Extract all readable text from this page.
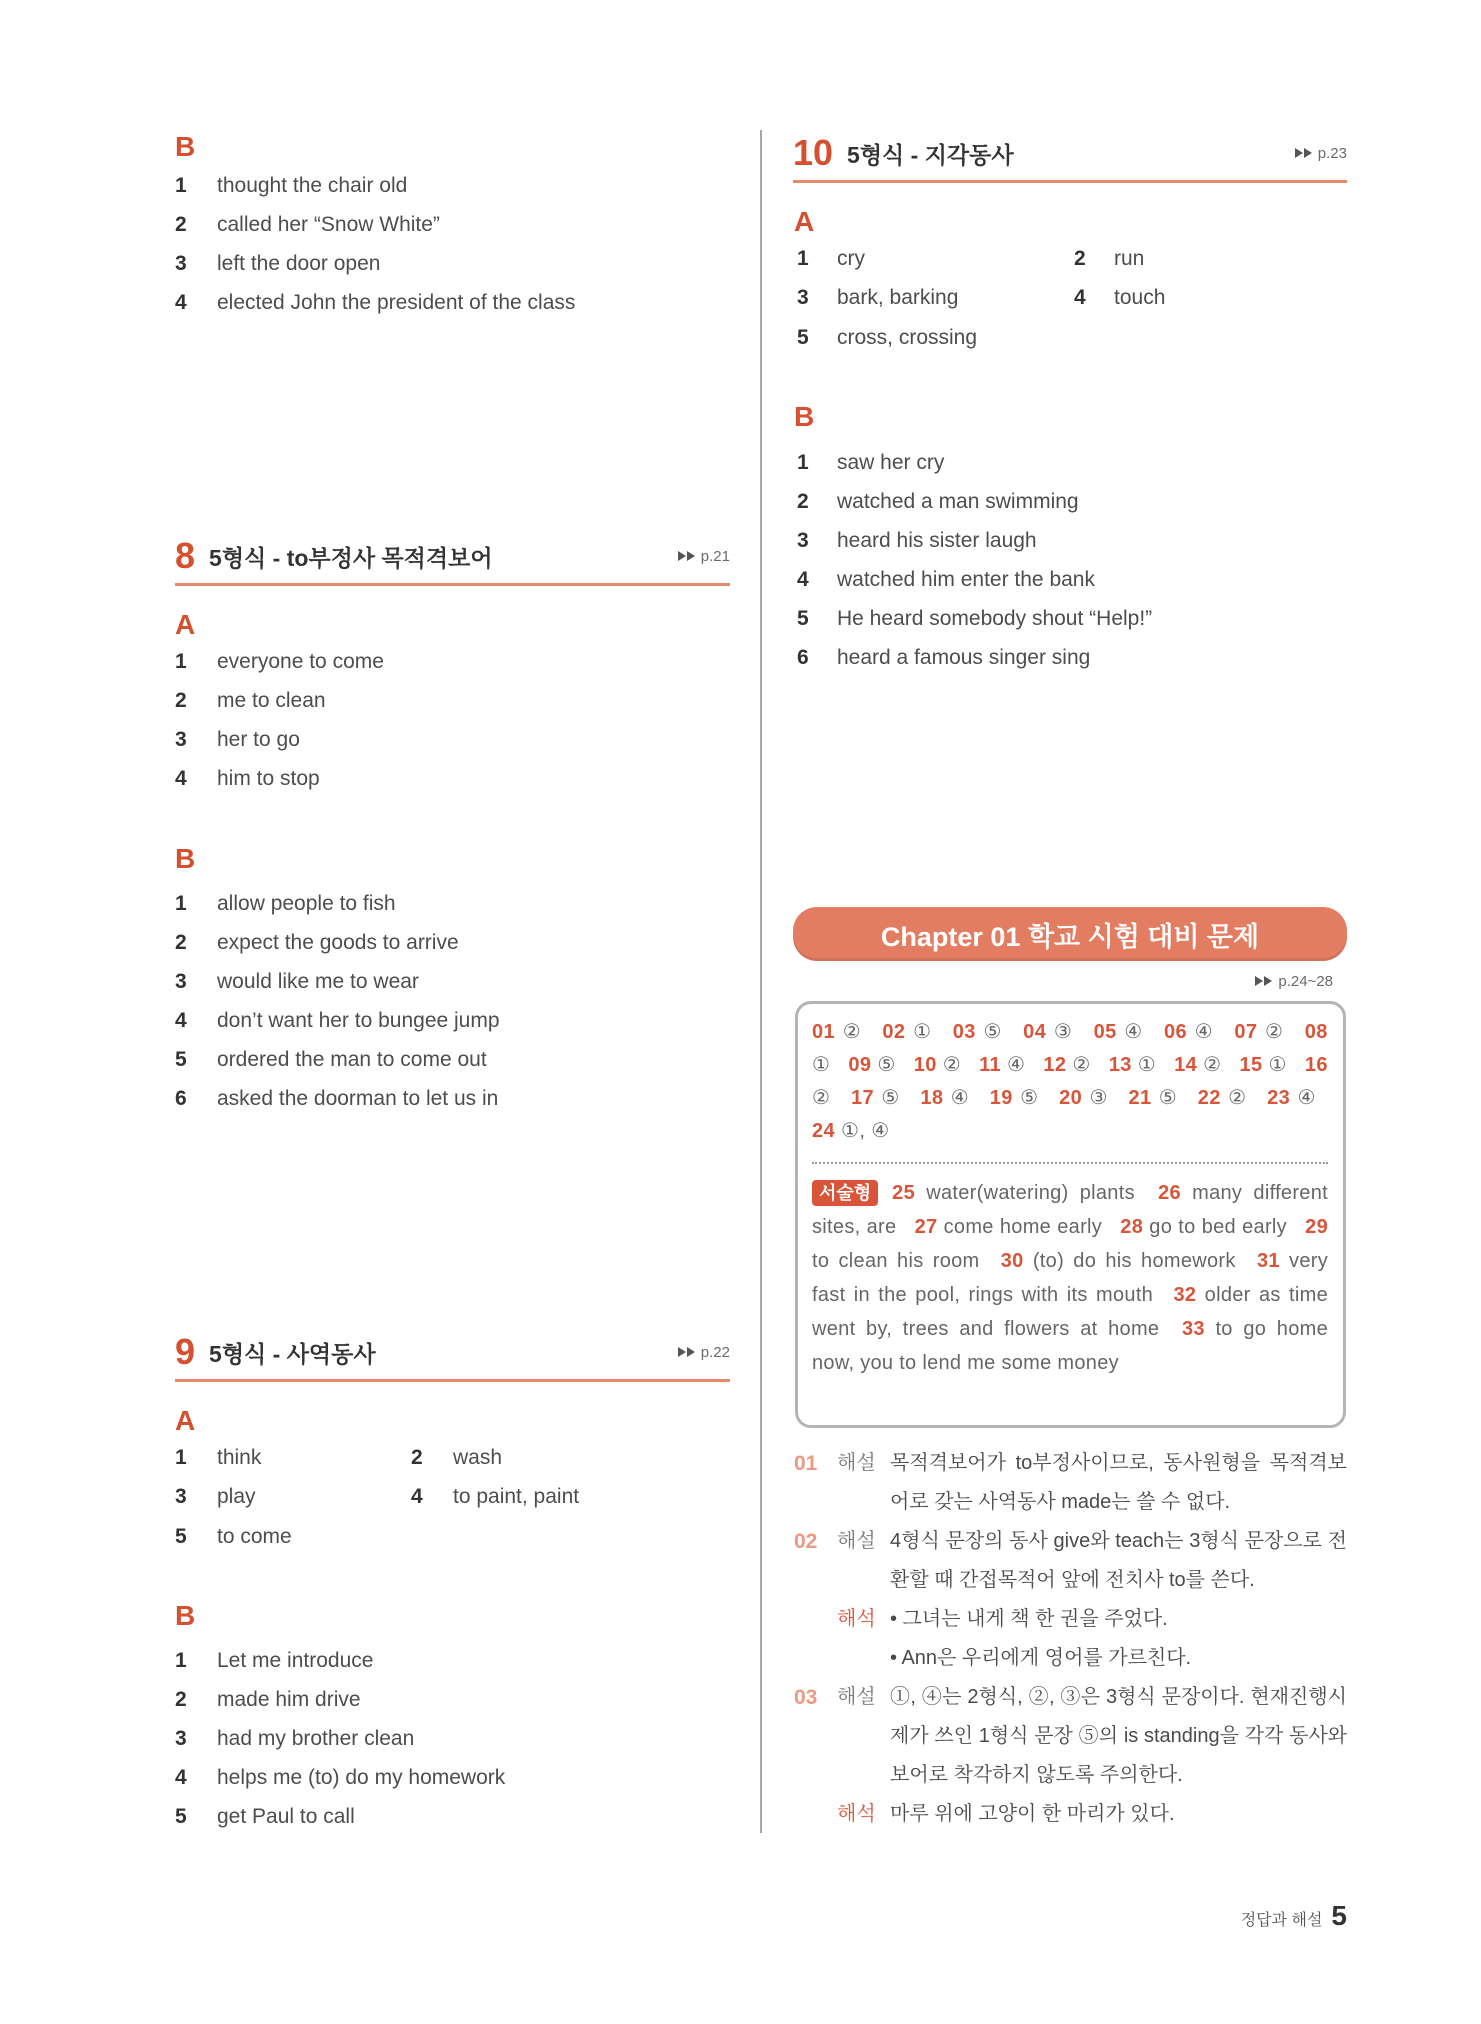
B
1	thought the chair old
2	called her “Snow White”
3	left the door open
4	elected John the president of the class
8 5형식 - to부정사 목적격보어	p.21
A
1	everyone to come
2	me to clean
3	her to go
4	him to stop
B
1	allow people to fish
2	expect the goods to arrive
3	would like me to wear
4	don’t want her to bungee jump
5	ordered the man to come out
6	asked the doorman to let us in
9 5형식 - 사역동사	p.22
A
1	think	2	wash
3	play	4	to paint, paint
5	to come
B
1	Let me introduce
2	made him drive
3	had my brother clean
4	helps me (to) do my homework
5	get Paul to call
10 5형식 - 지각동사	p.23
A
1	cry	2	run
3	bark, barking	4	touch
5	cross, crossing
B
1	saw her cry
2	watched a man swimming
3	heard his sister laugh
4	watched him enter the bank
5	He heard somebody shout “Help!”
6	heard a famous singer sing
Chapter 01 학교 시험 대비 문제
p.24~28
01 ② 02 ① 03 ⑤ 04 ③ 05 ④ 06 ④ 07 ② 08 ① 09 ⑤ 10 ② 11 ④ 12 ② 13 ① 14 ② 15 ① 16 ② 17 ⑤ 18 ④ 19 ⑤ 20 ③ 21 ⑤ 22 ② 23 ④ 24 ①, ④
서술형 25 water(watering) plants 26 many different sites, are 27 come home early 28 go to bed early 29 to clean his room 30 (to) do his homework 31 very fast in the pool, rings with its mouth 32 older as time went by, trees and flowers at home 33 to go home now, you to lend me some money
01 해설 목적격보어가 to부정사이므로, 동사원형을 목적격보어로 갖는 사역동사 made는 쓸 수 없다.
02 해설 4형식 문장의 동사 give와 teach는 3형식 문장으로 전환할 때 간접목적어 앞에 전치사 to를 쓴다.
해석 • 그녀는 내게 책 한 권을 주었다.
• Ann은 우리에게 영어를 가르친다.
03 해설 ①, ④는 2형식, ②, ③은 3형식 문장이다. 현재진행시제가 쓰인 1형식 문장 ⑤의 is standing을 각각 동사와 보어로 착각하지 않도록 주의한다.
해석 마루 위에 고양이 한 마리가 있다.
정답과 해설 5
